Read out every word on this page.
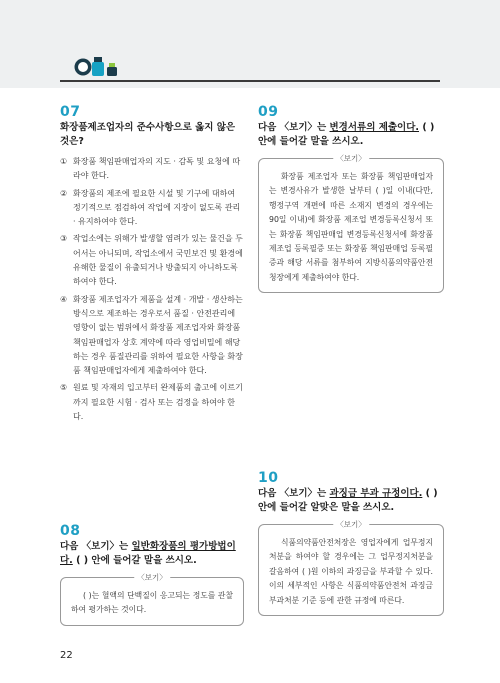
07
화장품제조업자의 준수사항으로 옳지 않은 것은?
① 화장품 책임판매업자의 지도 · 감독 및 요청에 따라야 한다.
② 화장품의 제조에 필요한 시설 및 기구에 대하여 정기적으로 점검하여 작업에 지장이 없도록 관리 · 유지하여야 한다.
③ 작업소에는 위해가 발생할 염려가 있는 물건을 두어서는 아니되며, 작업소에서 국민보건 및 환경에 유해한 물질이 유출되거나 방출되지 아니하도록 하여야 한다.
④ 화장품 제조업자가 제품을 설계 · 개발 · 생산하는 방식으로 제조하는 경우로서 품질 · 안전관리에 영향이 없는 범위에서 화장품 제조업자와 화장품 책임판매업자 상호 계약에 따라 영업비밀에 해당하는 경우 품질관리를 위하여 필요한 사항을 화장품 책임판매업자에게 제출하여야 한다.
⑤ 원료 및 자재의 입고부터 완제품의 출고에 이르기까지 필요한 시험 · 검사 또는 검정을 하여야 한다.
08
다음 〈보기〉는 일반화장품의 평가방법이다. ( ) 안에 들어갈 말을 쓰시오.
〈보기〉
( )는 혈액의 단백질이 응고되는 정도를 관찰하여 평가하는 것이다.
09
다음 〈보기〉는 변경서류의 제출이다. ( ) 안에 들어갈 말을 쓰시오.
〈보기〉
화장품 제조업자 또는 화장품 책임판매업자는 변경사유가 발생한 날부터 ( )일 이내(다만, 행정구역 개편에 따른 소재지 변경의 경우에는 90일 이내)에 화장품 제조업 변경등록신청서 또는 화장품 책임판매업 변경등록신청서에 화장품 제조업 등록필증 또는 화장품 책임판매업 등록필증과 해당 서류를 첨부하여 지방식품의약품안전청장에게 제출하여야 한다.
10
다음 〈보기〉는 과징금 부과 규정이다. ( ) 안에 들어갈 알맞은 말을 쓰시오.
〈보기〉
식품의약품안전처장은 영업자에게 업무정지처분을 하여야 할 경우에는 그 업무정지처분을 갈음하여 ( )원 이하의 과징금을 부과할 수 있다. 이의 세부적인 사항은 식품의약품안전처 과징금 부과처분 기준 등에 관한 규정에 따른다.
22
